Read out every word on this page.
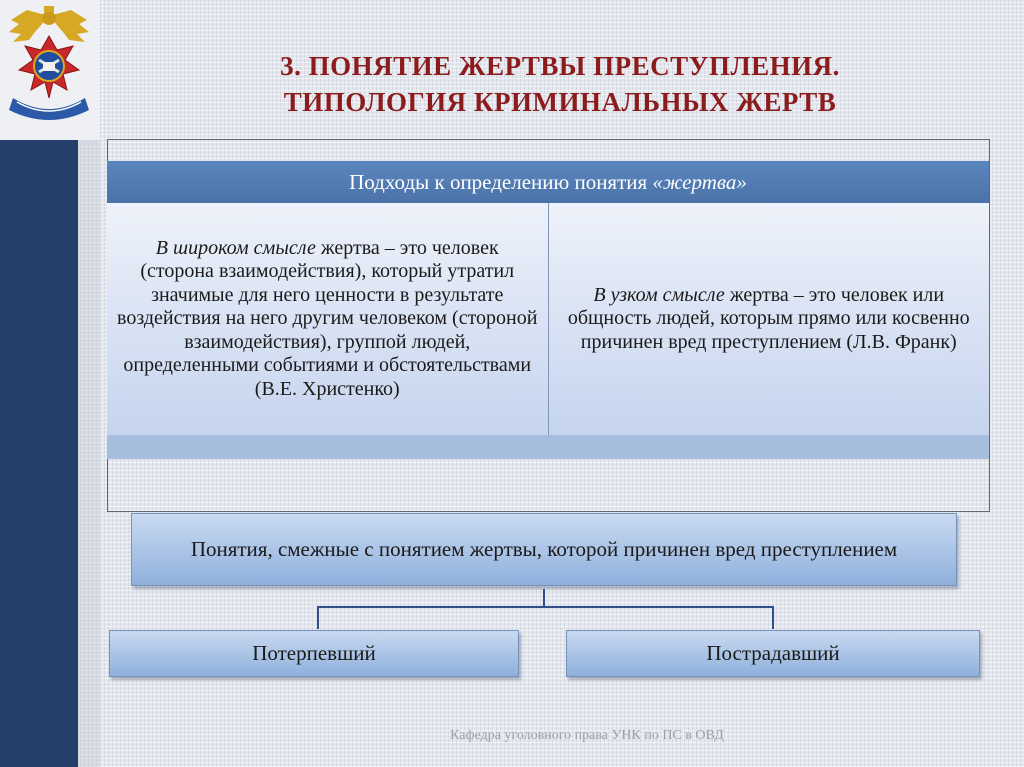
3. ПОНЯТИЕ ЖЕРТВЫ ПРЕСТУПЛЕНИЯ.
ТИПОЛОГИЯ КРИМИНАЛЬНЫХ ЖЕРТВ
Подходы к определению понятия «жертва»
В широком смысле жертва – это человек (сторона взаимодействия), который утратил значимые для него ценности в результате воздействия на него другим человеком (стороной взаимодействия), группой людей, определенными событиями и обстоятельствами (В.Е. Христенко)
В узком смысле жертва – это человек или общность людей, которым прямо или косвенно причинен вред преступлением (Л.В. Франк)
Понятия, смежные с понятием жертвы, которой причинен вред преступлением
Потерпевший	Пострадавший
Кафедра уголовного права УНК по ПС в ОВД
